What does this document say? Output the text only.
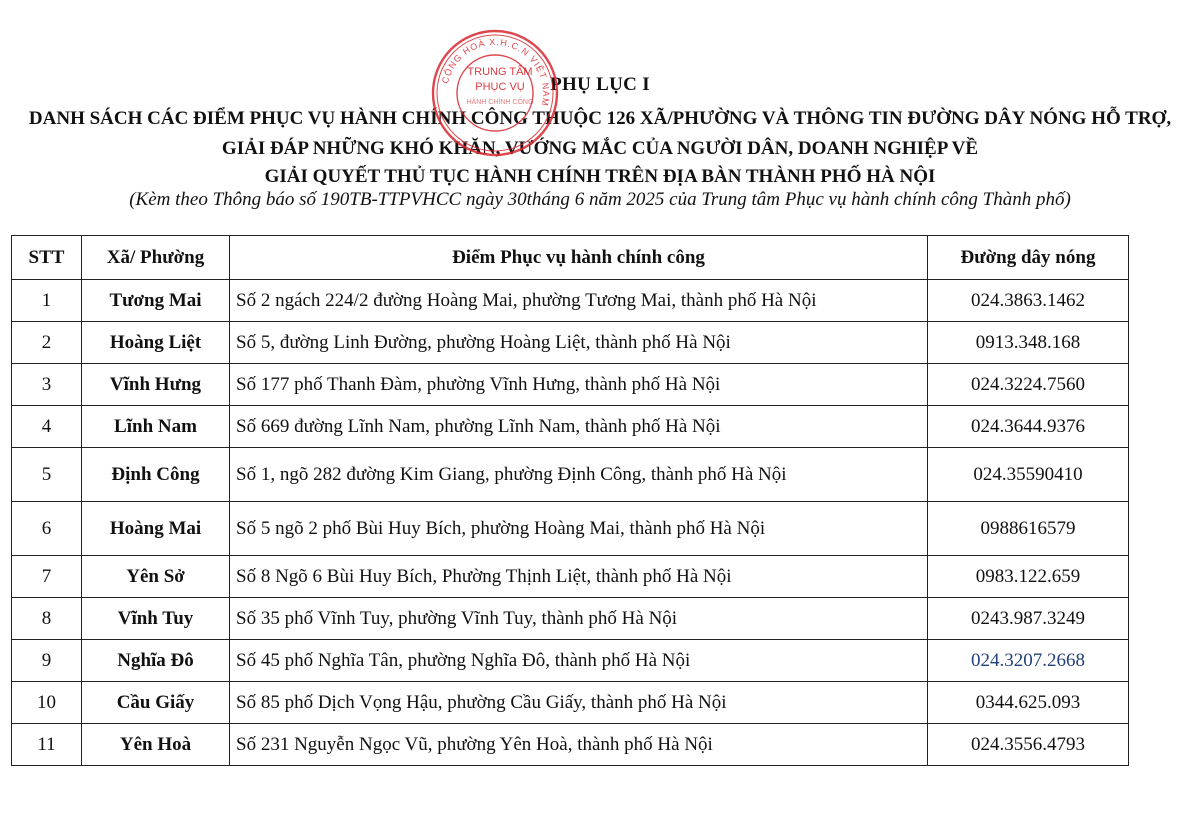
PHỤ LỤC I
DANH SÁCH CÁC ĐIỂM PHỤC VỤ HÀNH CHÍNH CÔNG THUỘC 126 XÃ/PHƯỜNG VÀ THÔNG TIN ĐƯỜNG DÂY NÓNG HỖ TRỢ,
GIẢI ĐÁP NHỮNG KHÓ KHĂN, VƯỚNG MẮC CỦA NGƯỜI DÂN, DOANH NGHIỆP VỀ
GIẢI QUYẾT THỦ TỤC HÀNH CHÍNH TRÊN ĐỊA BÀN THÀNH PHỐ HÀ NỘI
(Kèm theo Thông báo số 190TB-TTPVHCC ngày 30tháng 6 năm 2025 của Trung tâm Phục vụ hành chính công Thành phố)
CỘNG HOÀ X.H.C.N VIỆT NAM
TRUNG TÂM
PHỤC VỤ
HÀNH CHÍNH CÔNG
STT	Xã/ Phường	Điểm Phục vụ hành chính công	Đường dây nóng
1	Tương Mai	Số 2 ngách 224/2 đường Hoàng Mai, phường Tương Mai, thành phố Hà Nội	024.3863.1462
2	Hoàng Liệt	Số 5, đường Linh Đường, phường Hoàng Liệt, thành phố Hà Nội	0913.348.168
3	Vĩnh Hưng	Số 177 phố Thanh Đàm, phường Vĩnh Hưng, thành phố Hà Nội	024.3224.7560
4	Lĩnh Nam	Số 669 đường Lĩnh Nam, phường Lĩnh Nam, thành phố Hà Nội	024.3644.9376
5	Định Công	Số 1, ngõ 282 đường Kim Giang, phường Định Công, thành phố Hà Nội	024.35590410
6	Hoàng Mai	Số 5 ngõ 2 phố Bùi Huy Bích, phường Hoàng Mai, thành phố Hà Nội	0988616579
7	Yên Sở	Số 8 Ngõ 6 Bùi Huy Bích, Phường Thịnh Liệt, thành phố Hà Nội	0983.122.659
8	Vĩnh Tuy	Số 35 phố Vĩnh Tuy, phường Vĩnh Tuy, thành phố Hà Nội	0243.987.3249
9	Nghĩa Đô	Số 45 phố Nghĩa Tân, phường Nghĩa Đô, thành phố Hà Nội	024.3207.2668
10	Cầu Giấy	Số 85 phố Dịch Vọng Hậu, phường Cầu Giấy, thành phố Hà Nội	0344.625.093
11	Yên Hoà	Số 231 Nguyễn Ngọc Vũ, phường Yên Hoà, thành phố Hà Nội	024.3556.4793
